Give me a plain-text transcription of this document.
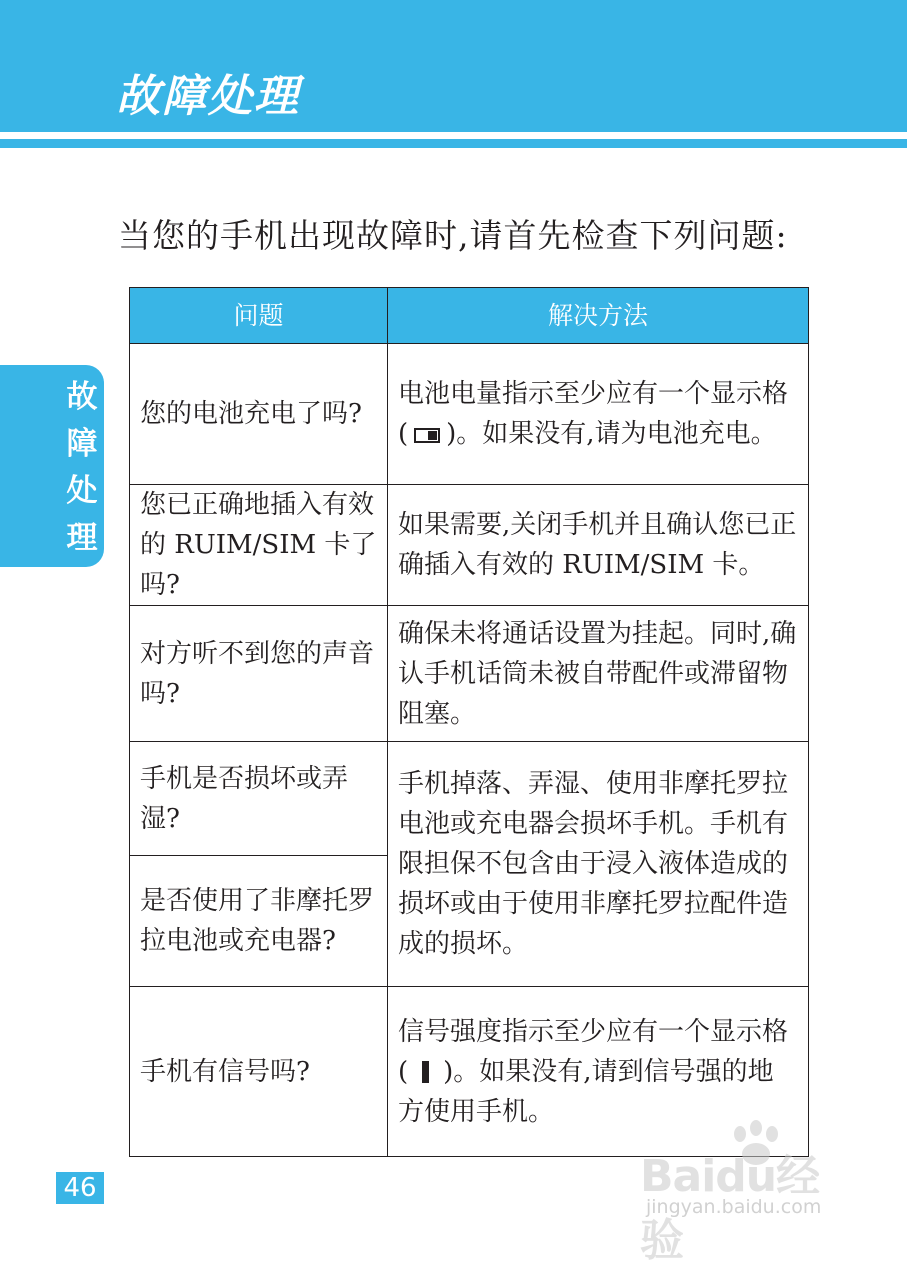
故障处理
故
障
处
理
当您的手机出现故障时,请首先检查下列问题:
问题	解决方法
您的电池充电了吗?	电池电量指示至少应有一个显示格( )。如果没有,请为电池充电。
您已正确地插入有效的 RUIM/SIM 卡了吗?	如果需要,关闭手机并且确认您已正确插入有效的 RUIM/SIM 卡。
对方听不到您的声音吗?	确保未将通话设置为挂起。同时,确认手机话筒未被自带配件或滞留物阻塞。
手机是否损坏或弄湿?	手机掉落、弄湿、使用非摩托罗拉电池或充电器会损坏手机。手机有限担保不包含由于浸入液体造成的损坏或由于使用非摩托罗拉配件造成的损坏。
是否使用了非摩托罗拉电池或充电器?	
手机有信号吗?	信号强度指示至少应有一个显示格( )。如果没有,请到信号强的地方使用手机。
46	Baidu经验
jingyan.baidu.com
